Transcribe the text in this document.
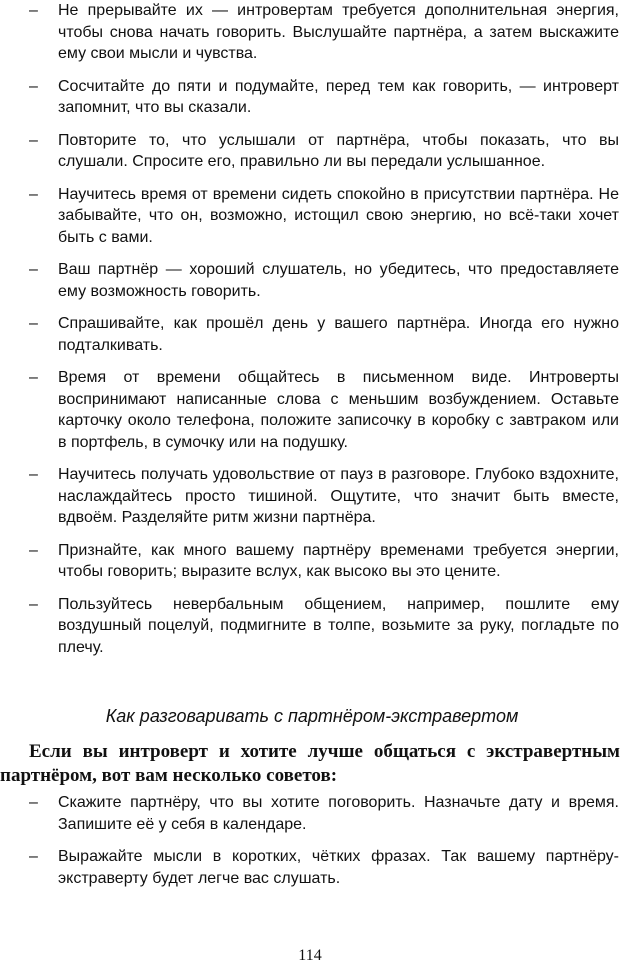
– Не прерывайте их — интровертам требуется дополнительная энергия, чтобы снова начать говорить. Выслушайте партнёра, а затем выскажите ему свои мысли и чувства.
– Сосчитайте до пяти и подумайте, перед тем как говорить, — интроверт запомнит, что вы сказали.
– Повторите то, что услышали от партнёра, чтобы показать, что вы слушали. Спросите его, правильно ли вы передали услышанное.
– Научитесь время от времени сидеть спокойно в присутствии партнёра. Не забывайте, что он, возможно, истощил свою энергию, но всё-таки хочет быть с вами.
– Ваш партнёр — хороший слушатель, но убедитесь, что предоставляете ему возможность говорить.
– Спрашивайте, как прошёл день у вашего партнёра. Иногда его нужно подталкивать.
– Время от времени общайтесь в письменном виде. Интроверты воспринимают написанные слова с меньшим возбуждением. Оставьте карточку около телефона, положите записочку в коробку с завтраком или в портфель, в сумочку или на подушку.
– Научитесь получать удовольствие от пауз в разговоре. Глубоко вздохните, наслаждайтесь просто тишиной. Ощутите, что значит быть вместе, вдвоём. Разделяйте ритм жизни партнёра.
– Признайте, как много вашему партнёру временами требуется энергии, чтобы говорить; выразите вслух, как высоко вы это цените.
– Пользуйтесь невербальным общением, например, пошлите ему воздушный поцелуй, подмигните в толпе, возьмите за руку, погладьте по плечу.
Как разговаривать с партнёром-экстравертом

Если вы интроверт и хотите лучше общаться с экстравертным партнёром, вот вам несколько советов:

– Скажите партнёру, что вы хотите поговорить. Назначьте дату и время. Запишите её у себя в календаре.
– Выражайте мысли в коротких, чётких фразах. Так вашему партнёру-экстраверту будет легче вас слушать.
114
